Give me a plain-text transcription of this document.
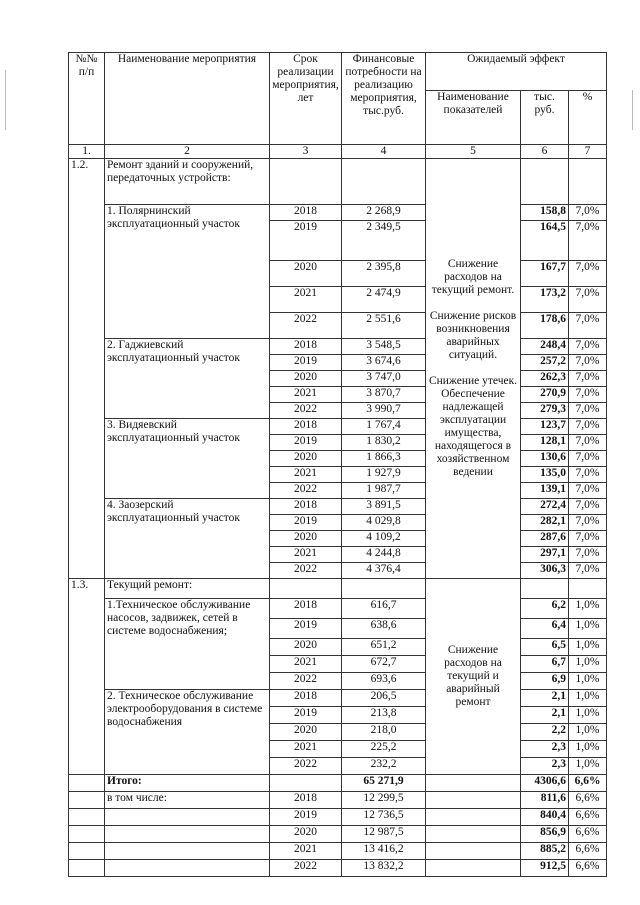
№№ п/п	Наименование мероприятия	Срок реализации мероприятия, лет	Финансовые потребности на реализацию мероприятия, тыс.руб.	Ожидаемый эффект		
				Наименование показателей	тыс. руб.	%
1.	2	3	4	5	6	7
1.2.	Ремонт зданий и сооружений, передаточных устройств:			Снижение расходов на текущий ремонт.

Снижение рисков возникновения аварийных ситуаций.

Снижение утечек. Обеспечение надлежащей эксплуатации имущества, находящегося в хозяйственном ведении		
	1. Полярнинский эксплуатационный участок	2018	2 268,9		158,8	7,0%
		2019	2 349,5		164,5	7,0%
		2020	2 395,8		167,7	7,0%
		2021	2 474,9		173,2	7,0%
		2022	2 551,6		178,6	7,0%
	2. Гаджиевский эксплуатационный участок	2018	3 548,5		248,4	7,0%
		2019	3 674,6		257,2	7,0%
		2020	3 747,0		262,3	7,0%
		2021	3 870,7		270,9	7,0%
		2022	3 990,7		279,3	7,0%
	3. Видяевский эксплуатационный участок	2018	1 767,4		123,7	7,0%
		2019	1 830,2		128,1	7,0%
		2020	1 866,3		130,6	7,0%
		2021	1 927,9		135,0	7,0%
		2022	1 987,7		139,1	7,0%
	4. Заозерский эксплуатационный участок	2018	3 891,5		272,4	7,0%
		2019	4 029,8		282,1	7,0%
		2020	4 109,2		287,6	7,0%
		2021	4 244,8		297,1	7,0%
		2022	4 376,4		306,3	7,0%
1.3.	Текущий ремонт:			Снижение расходов на текущий и аварийный ремонт		
	1.Техническое обслуживание насосов, задвижек, сетей в системе водоснабжения;	2018	616,7		6,2	1,0%
		2019	638,6		6,4	1,0%
		2020	651,2		6,5	1,0%
		2021	672,7		6,7	1,0%
		2022	693,6		6,9	1,0%
	2. Техническое обслуживание электрооборудования в системе водоснабжения	2018	206,5		2,1	1,0%
		2019	213,8		2,1	1,0%
		2020	218,0		2,2	1,0%
		2021	225,2		2,3	1,0%
		2022	232,2		2,3	1,0%
	Итого:		65 271,9		4306,6	6,6%
	в том числе:	2018	12 299,5		811,6	6,6%
		2019	12 736,5		840,4	6,6%
		2020	12 987,5		856,9	6,6%
		2021	13 416,2		885,2	6,6%
		2022	13 832,2		912,5	6,6%
